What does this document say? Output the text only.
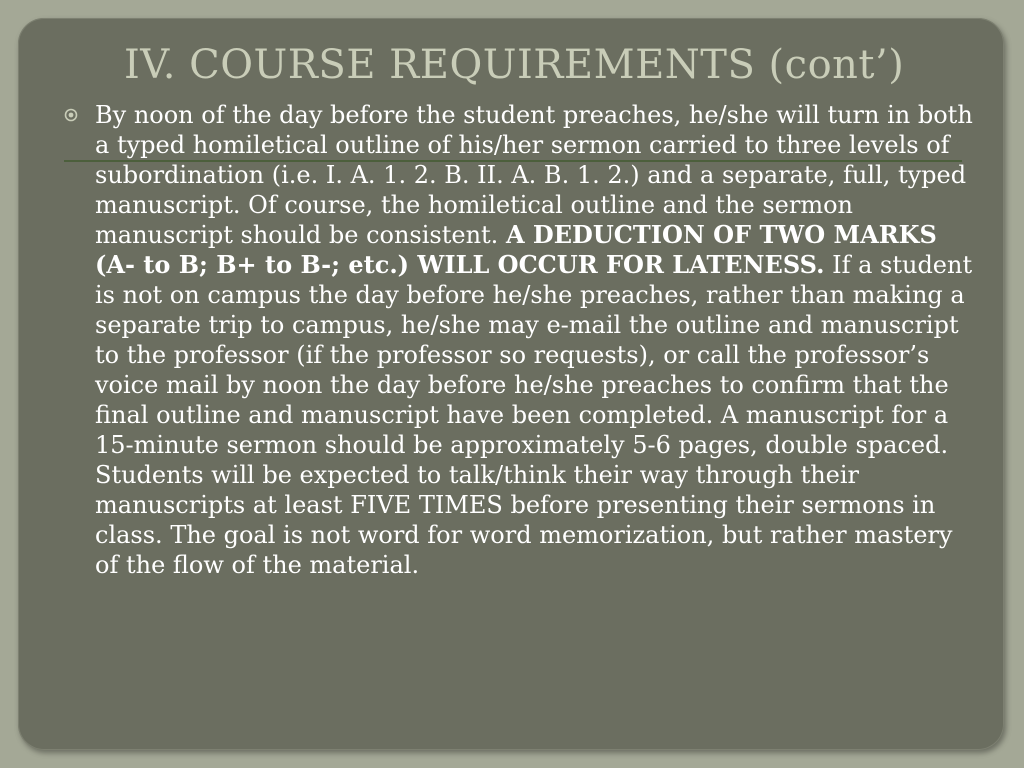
IV. COURSE REQUIREMENTS (cont’)

By noon of the day before the student preaches, he/she will turn in both a typed homiletical outline of his/her sermon carried to three levels of subordination (i.e. I. A. 1. 2. B. II. A. B. 1. 2.) and a separate, full, typed manuscript. Of course, the homiletical outline and the sermon manuscript should be consistent. A DEDUCTION OF TWO MARKS (A- to B; B+ to B-; etc.) WILL OCCUR FOR LATENESS. If a student is not on campus the day before he/she preaches, rather than making a separate trip to campus, he/she may e-mail the outline and manuscript to the professor (if the professor so requests), or call the professor’s voice mail by noon the day before he/she preaches to confirm that the final outline and manuscript have been completed. A manuscript for a 15-minute sermon should be approximately 5-6 pages, double spaced. Students will be expected to talk/think their way through their manuscripts at least FIVE TIMES before presenting their sermons in class. The goal is not word for word memorization, but rather mastery of the flow of the material.
